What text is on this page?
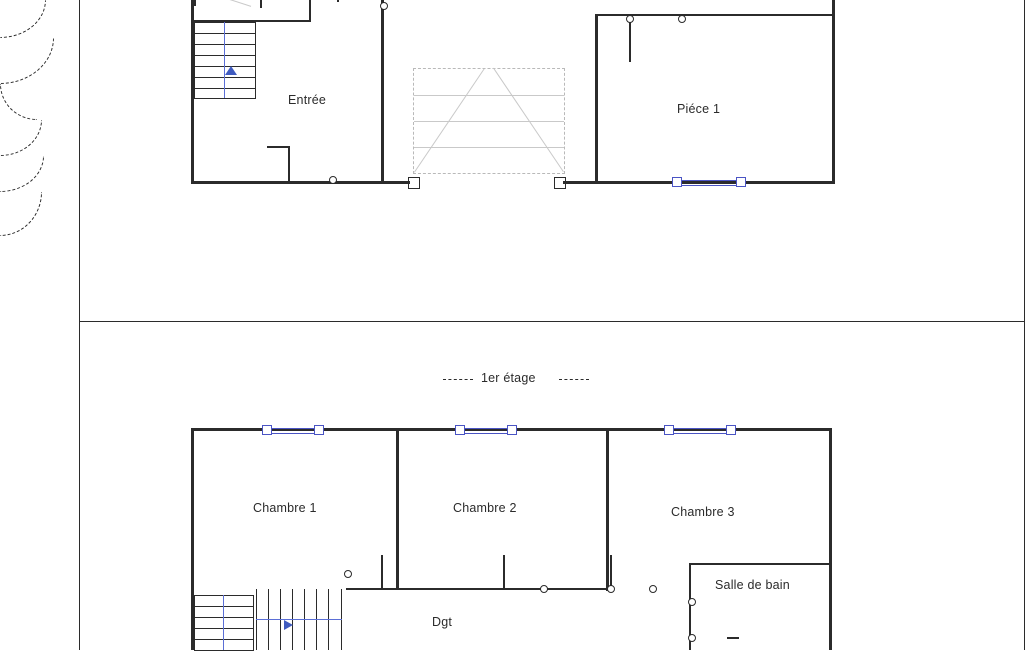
Entrée
Piéce 1
1er étage
Chambre 1	Chambre 2	Chambre 3
Salle de bain
Dgt
